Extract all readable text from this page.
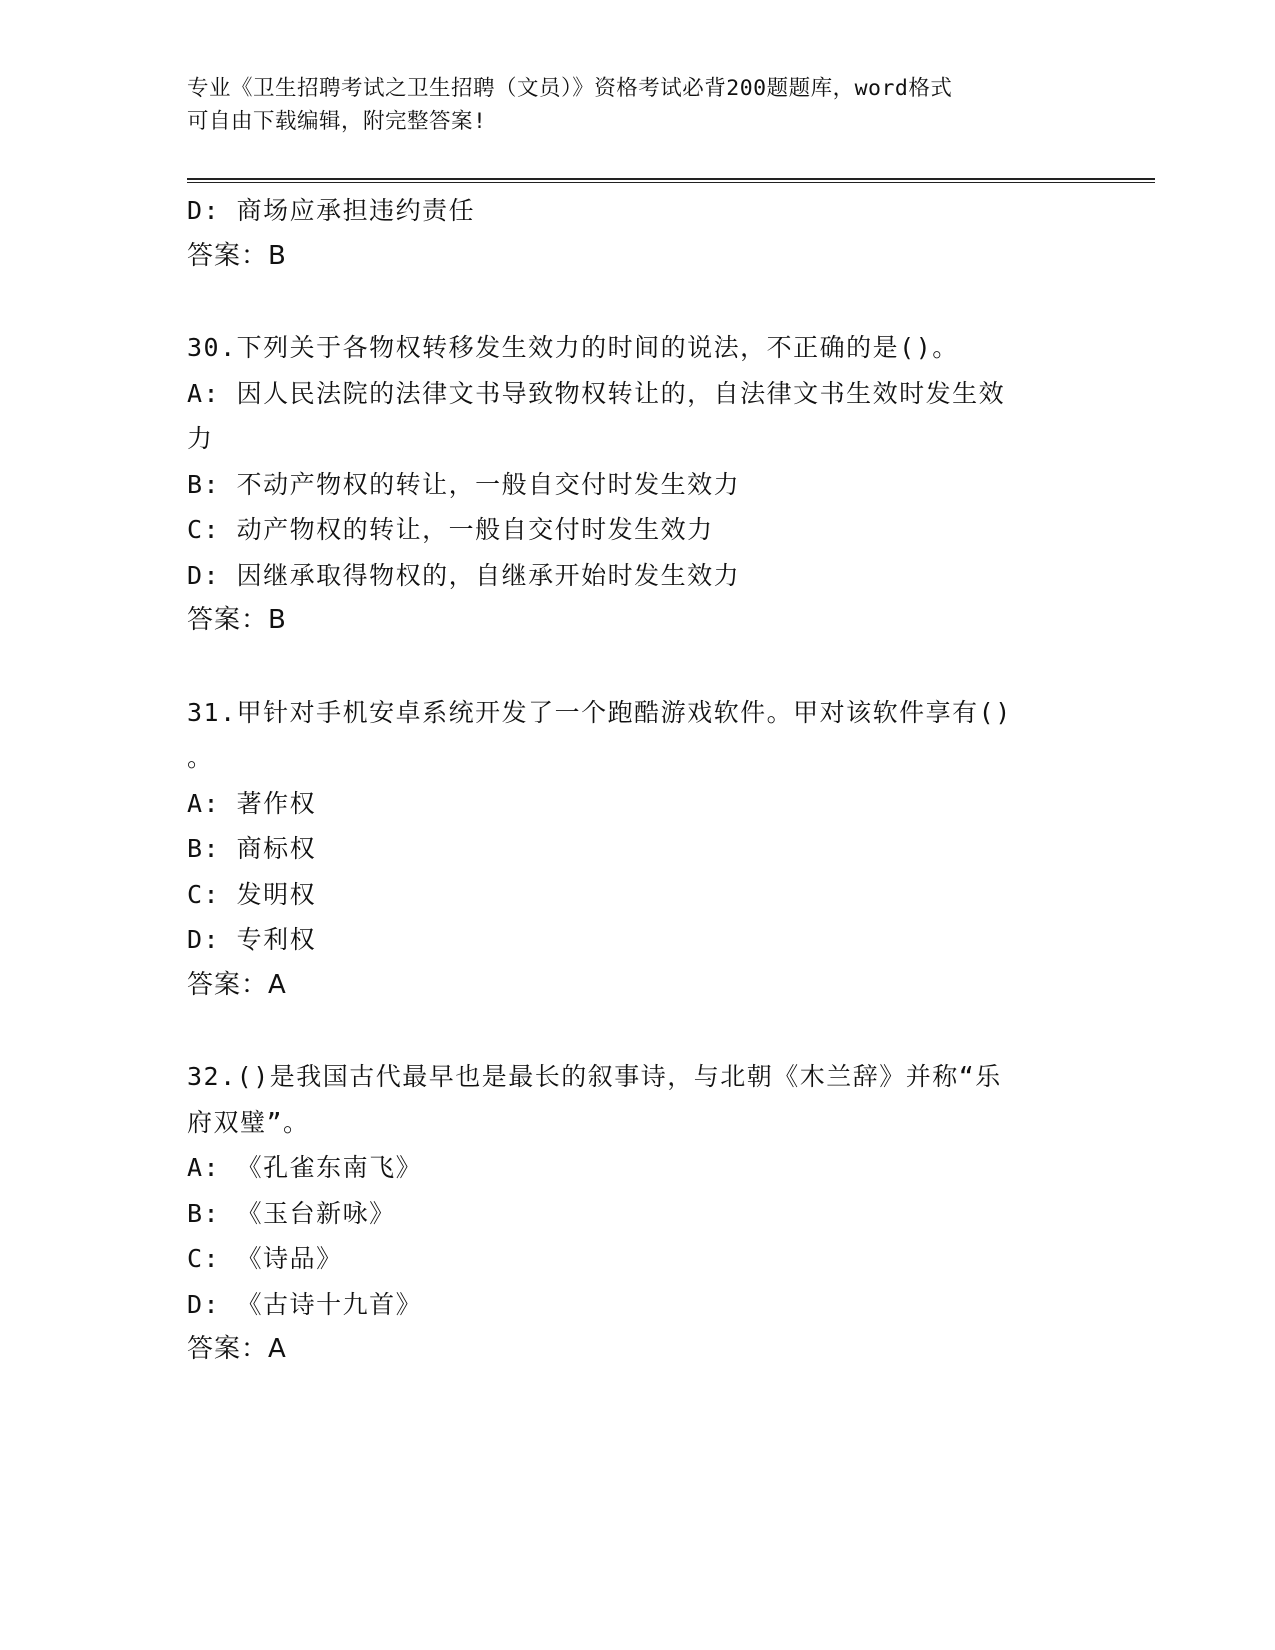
专业《卫生招聘考试之卫生招聘（文员）》资格考试必背200题题库，word格式
可自由下载编辑，附完整答案!
D: 商场应承担违约责任
答案：B
30.下列关于各物权转移发生效力的时间的说法，不正确的是()。
A: 因人民法院的法律文书导致物权转让的，自法律文书生效时发生效
力
B: 不动产物权的转让，一般自交付时发生效力
C: 动产物权的转让，一般自交付时发生效力
D: 因继承取得物权的，自继承开始时发生效力
答案：B
31.甲针对手机安卓系统开发了一个跑酷游戏软件。甲对该软件享有()
。
A: 著作权
B: 商标权
C: 发明权
D: 专利权
答案：A
32.()是我国古代最早也是最长的叙事诗，与北朝《木兰辞》并称“乐
府双璧”。
A: 《孔雀东南飞》
B: 《玉台新咏》
C: 《诗品》
D: 《古诗十九首》
答案：A
